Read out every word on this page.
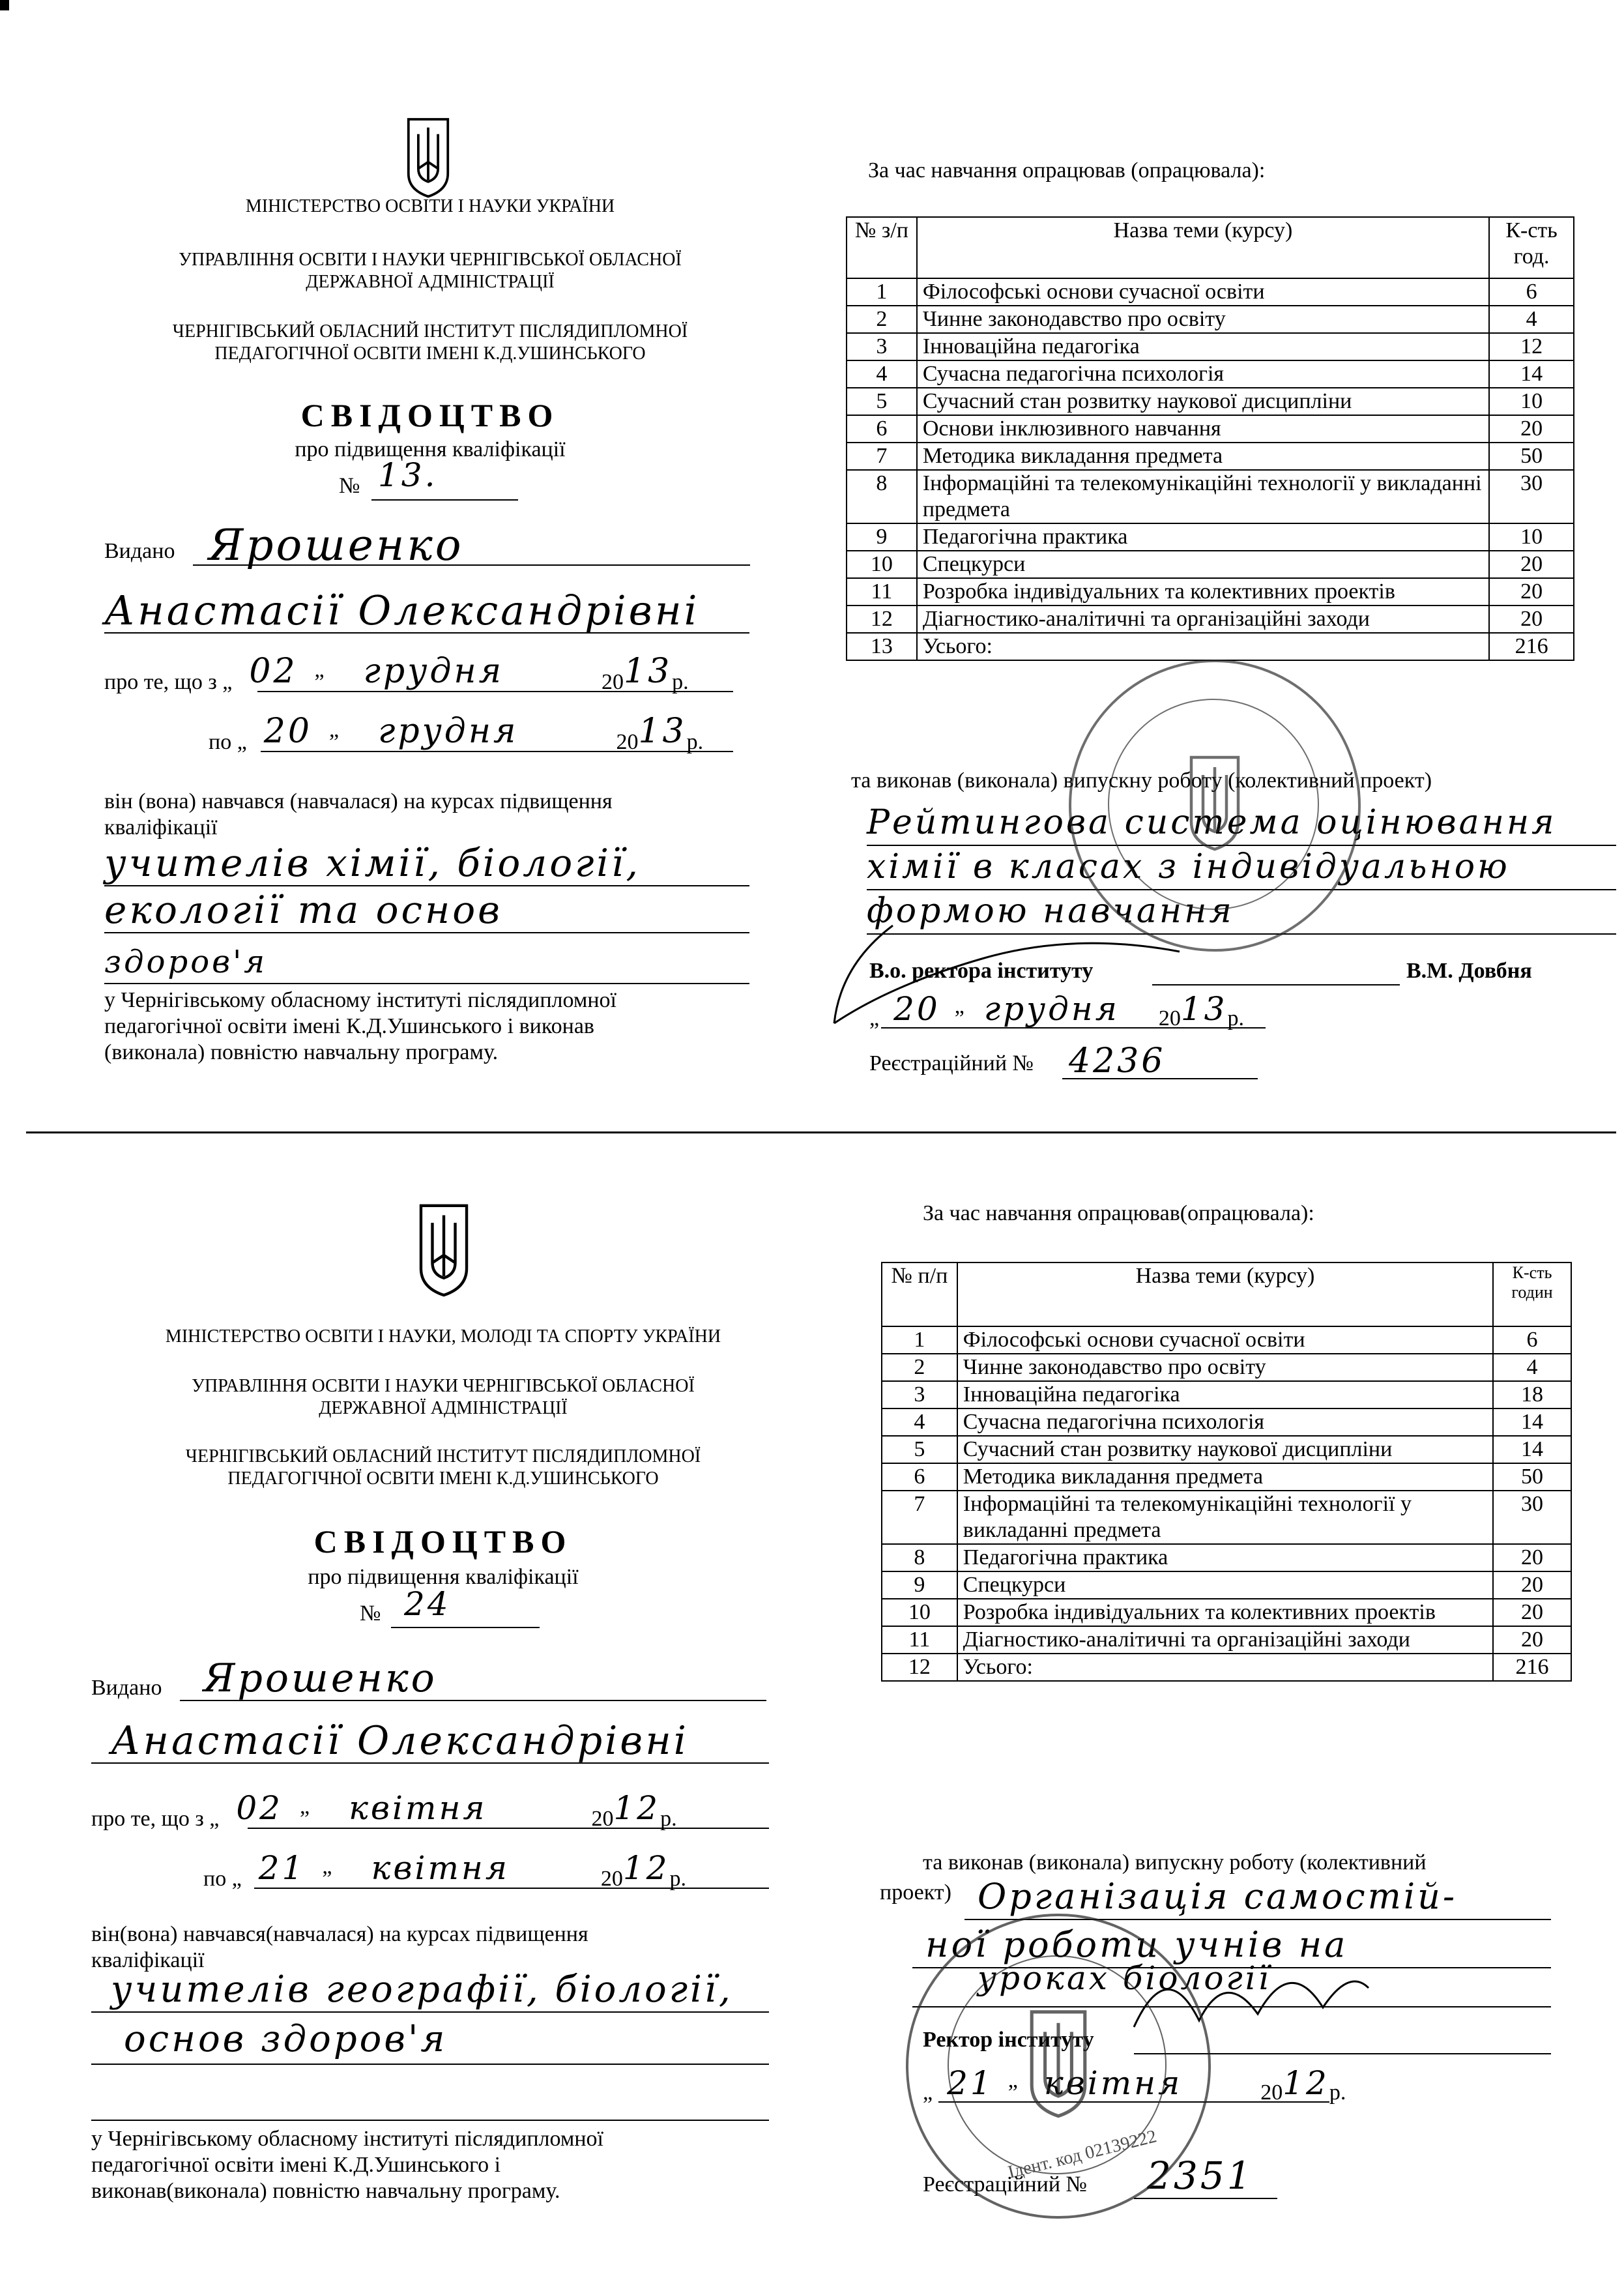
МІНІСТЕРСТВО ОСВІТИ І НАУКИ УКРАЇНИ
УПРАВЛІННЯ ОСВІТИ І НАУКИ ЧЕРНІГІВСЬКОЇ ОБЛАСНОЇ
ДЕРЖАВНОЇ АДМІНІСТРАЦІЇ
ЧЕРНІГІВСЬКИЙ ОБЛАСНИЙ ІНСТИТУТ ПІСЛЯДИПЛОМНОЇ
ПЕДАГОГІЧНОЇ ОСВІТИ ІМЕНІ К.Д.УШИНСЬКОГО
СВІДОЦТВО
про підвищення кваліфікації
№ 13.
Видано Ярошенко
Анастасії Олександрівні
про те, що з „ 02 ” грудня	2013р.
по „ 20 ” грудня	2013р.
він (вона) навчався (навчалася) на курсах підвищення
кваліфікації
учителів хімії, біології,
екології та основ
здоров'я
у Чернігівському обласному інституті післядипломної
педагогічної освіти імені К.Д.Ушинського і виконав
(виконала) повністю навчальну програму.
За час навчання опрацював (опрацювала):
№ з/п	Назва теми (курсу)	К-сть год.
1	Філософські основи сучасної освіти	6
2	Чинне законодавство про освіту	4
3	Інноваційна педагогіка	12
4	Сучасна педагогічна психологія	14
5	Сучасний стан розвитку наукової дисципліни	10
6	Основи інклюзивного навчання	20
7	Методика викладання предмета	50
8	Інформаційні та телекомунікаційні технології у викладанні предмета	30
9	Педагогічна практика	10
10	Спецкурси	20
11	Розробка індивідуальних та колективних проектів	20
12	Діагностико-аналітичні та організаційні заходи	20
13	Усього:	216
та виконав (виконала) випускну роботу (колективний проект)
Рейтингова система оцінювання
хімії в класах з індивідуальною
формою навчання
В.о. ректора інституту	В.М. Довбня
„ 20 ” грудня 2013р.
Реєстраційний № 4236
МІНІСТЕРСТВО ОСВІТИ І НАУКИ, МОЛОДІ ТА СПОРТУ УКРАЇНИ
УПРАВЛІННЯ ОСВІТИ І НАУКИ ЧЕРНІГІВСЬКОЇ ОБЛАСНОЇ
ДЕРЖАВНОЇ АДМІНІСТРАЦІЇ
ЧЕРНІГІВСЬКИЙ ОБЛАСНИЙ ІНСТИТУТ ПІСЛЯДИПЛОМНОЇ
ПЕДАГОГІЧНОЇ ОСВІТИ ІМЕНІ К.Д.УШИНСЬКОГО
СВІДОЦТВО
про підвищення кваліфікації
№ 24
Видано Ярошенко
Анастасії Олександрівні
про те, що з „ 02 ” квітня	2012р.
по „ 21 ” квітня	2012р.
він(вона) навчався(навчалася) на курсах підвищення
кваліфікації
учителів географії, біології,
основ здоров'я
у Чернігівському обласному інституті післядипломної
педагогічної освіти імені К.Д.Ушинського і
виконав(виконала) повністю навчальну програму.
За час навчання опрацював(опрацювала):
№ п/п	Назва теми (курсу)	К-сть годин
1	Філософські основи сучасної освіти	6
2	Чинне законодавство про освіту	4
3	Інноваційна педагогіка	18
4	Сучасна педагогічна психологія	14
5	Сучасний стан розвитку наукової дисципліни	14
6	Методика викладання предмета	50
7	Інформаційні та телекомунікаційні технології у викладанні предмета	30
8	Педагогічна практика	20
9	Спецкурси	20
10	Розробка індивідуальних та колективних проектів	20
11	Діагностико-аналітичні та організаційні заходи	20
12	Усього:	216
та виконав (виконала) випускну роботу (колективний
проект) Організація самостій-
ної роботи учнів на
уроках біології
Ректор інституту
„ 21 ” квітня	2012р.
Реєстраційний № 2351
Ідент. код 02139222
